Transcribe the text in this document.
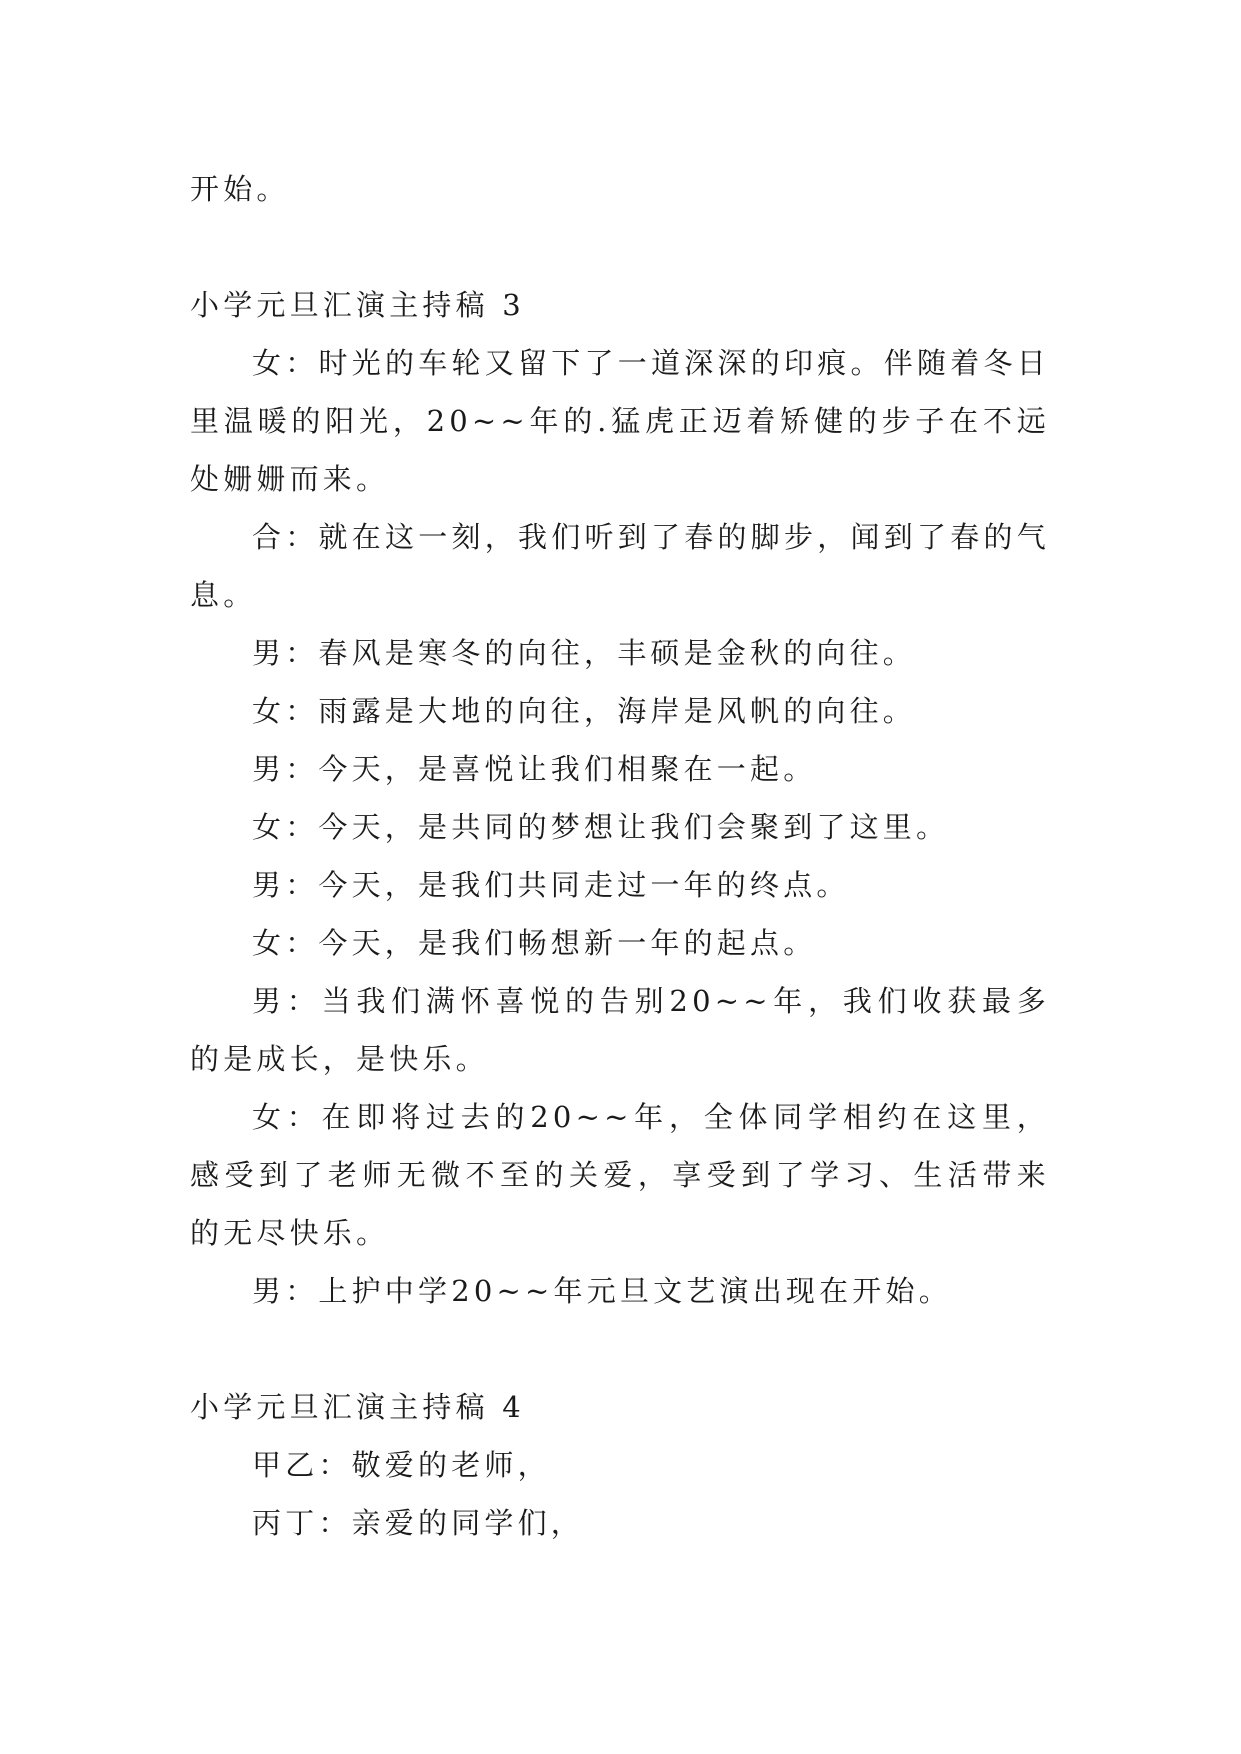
开始。

小学元旦汇演主持稿 3

女：时光的车轮又留下了一道深深的印痕。伴随着冬日里温暖的阳光，20~~年的.猛虎正迈着矫健的步子在不远处姗姗而来。

合：就在这一刻，我们听到了春的脚步，闻到了春的气息。

男：春风是寒冬的向往，丰硕是金秋的向往。

女：雨露是大地的向往，海岸是风帆的向往。

男：今天，是喜悦让我们相聚在一起。

女：今天，是共同的梦想让我们会聚到了这里。

男：今天，是我们共同走过一年的终点。

女：今天，是我们畅想新一年的起点。

男：当我们满怀喜悦的告别20~~年，我们收获最多的是成长，是快乐。

女：在即将过去的20~~年，全体同学相约在这里，感受到了老师无微不至的关爱，享受到了学习、生活带来的无尽快乐。

男：上护中学20~~年元旦文艺演出现在开始。

小学元旦汇演主持稿 4

甲乙：敬爱的老师，

丙丁：亲爱的同学们，
